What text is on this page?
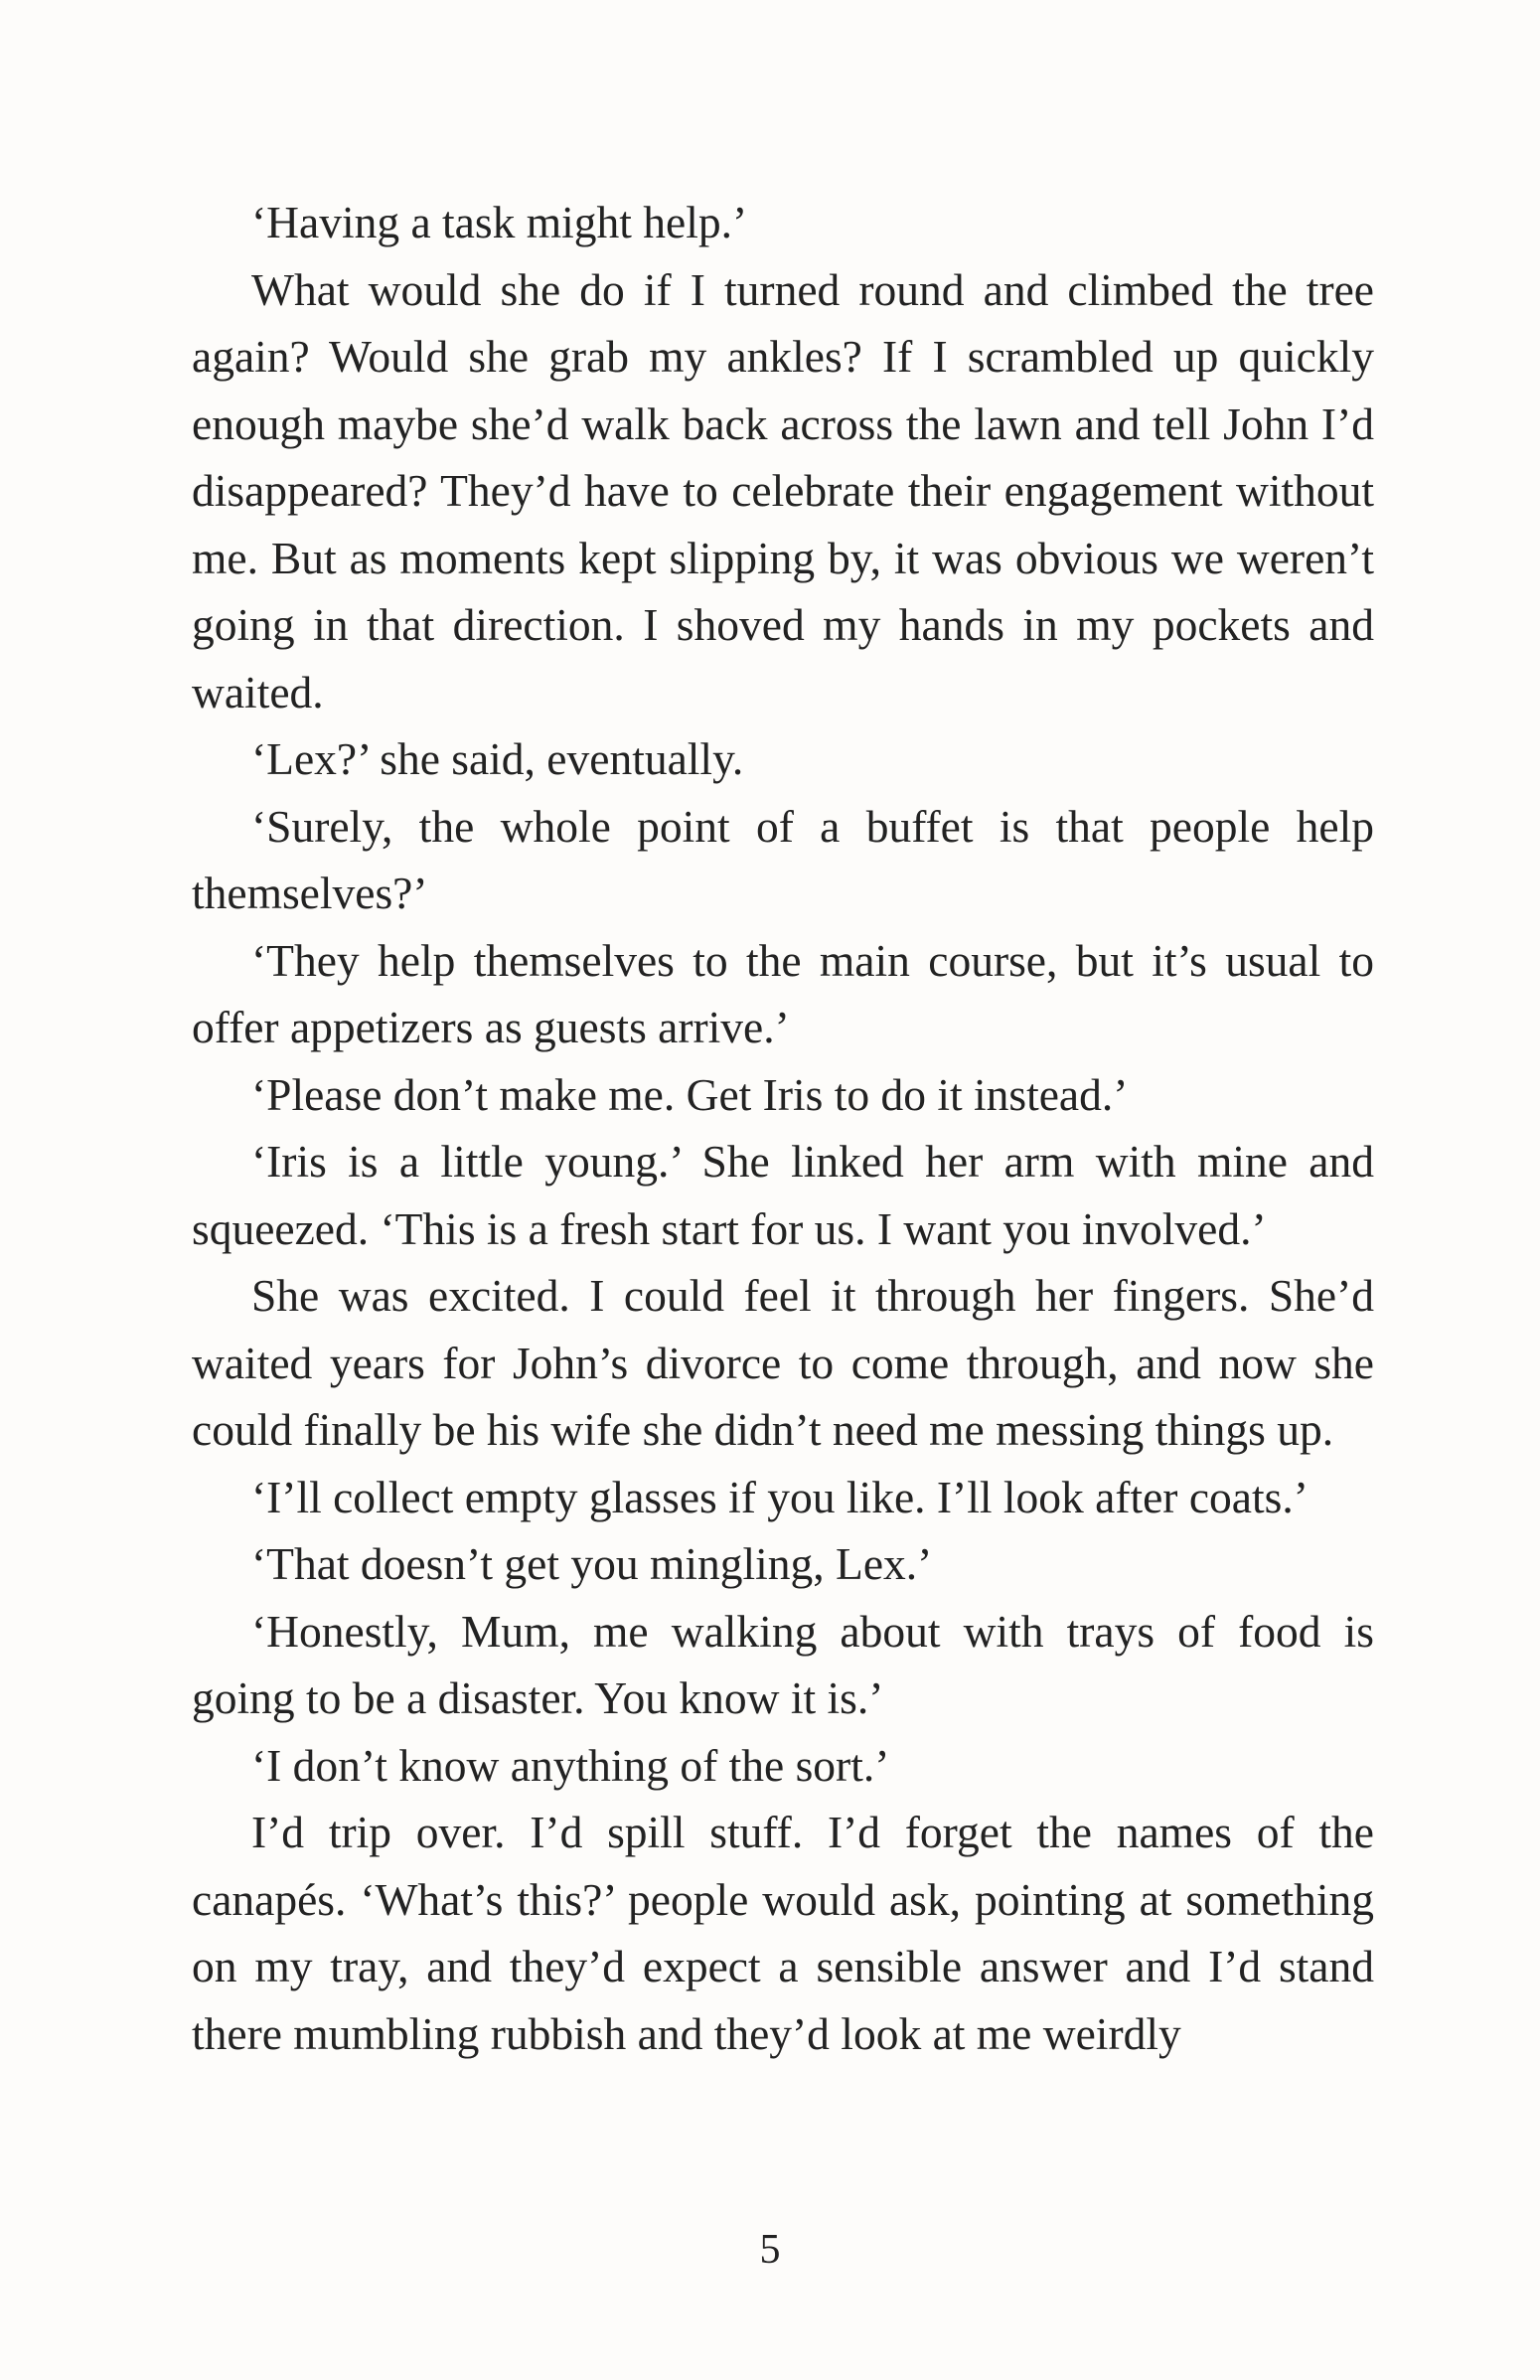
‘Having a task might help.’

What would she do if I turned round and climbed the tree again? Would she grab my ankles? If I scrambled up quickly enough maybe she’d walk back across the lawn and tell John I’d disappeared? They’d have to celebrate their engagement without me. But as moments kept slipping by, it was obvious we weren’t going in that direction. I shoved my hands in my pockets and waited.

‘Lex?’ she said, eventually.

‘Surely, the whole point of a buffet is that people help themselves?’

‘They help themselves to the main course, but it’s usual to offer appetizers as guests arrive.’

‘Please don’t make me. Get Iris to do it instead.’

‘Iris is a little young.’ She linked her arm with mine and squeezed. ‘This is a fresh start for us. I want you involved.’

She was excited. I could feel it through her fingers. She’d waited years for John’s divorce to come through, and now she could finally be his wife she didn’t need me messing things up.

‘I’ll collect empty glasses if you like. I’ll look after coats.’

‘That doesn’t get you mingling, Lex.’

‘Honestly, Mum, me walking about with trays of food is going to be a disaster. You know it is.’

‘I don’t know anything of the sort.’

I’d trip over. I’d spill stuff. I’d forget the names of the canapés. ‘What’s this?’ people would ask, pointing at something on my tray, and they’d expect a sensible answer and I’d stand there mumbling rubbish and they’d look at me weirdly

5
